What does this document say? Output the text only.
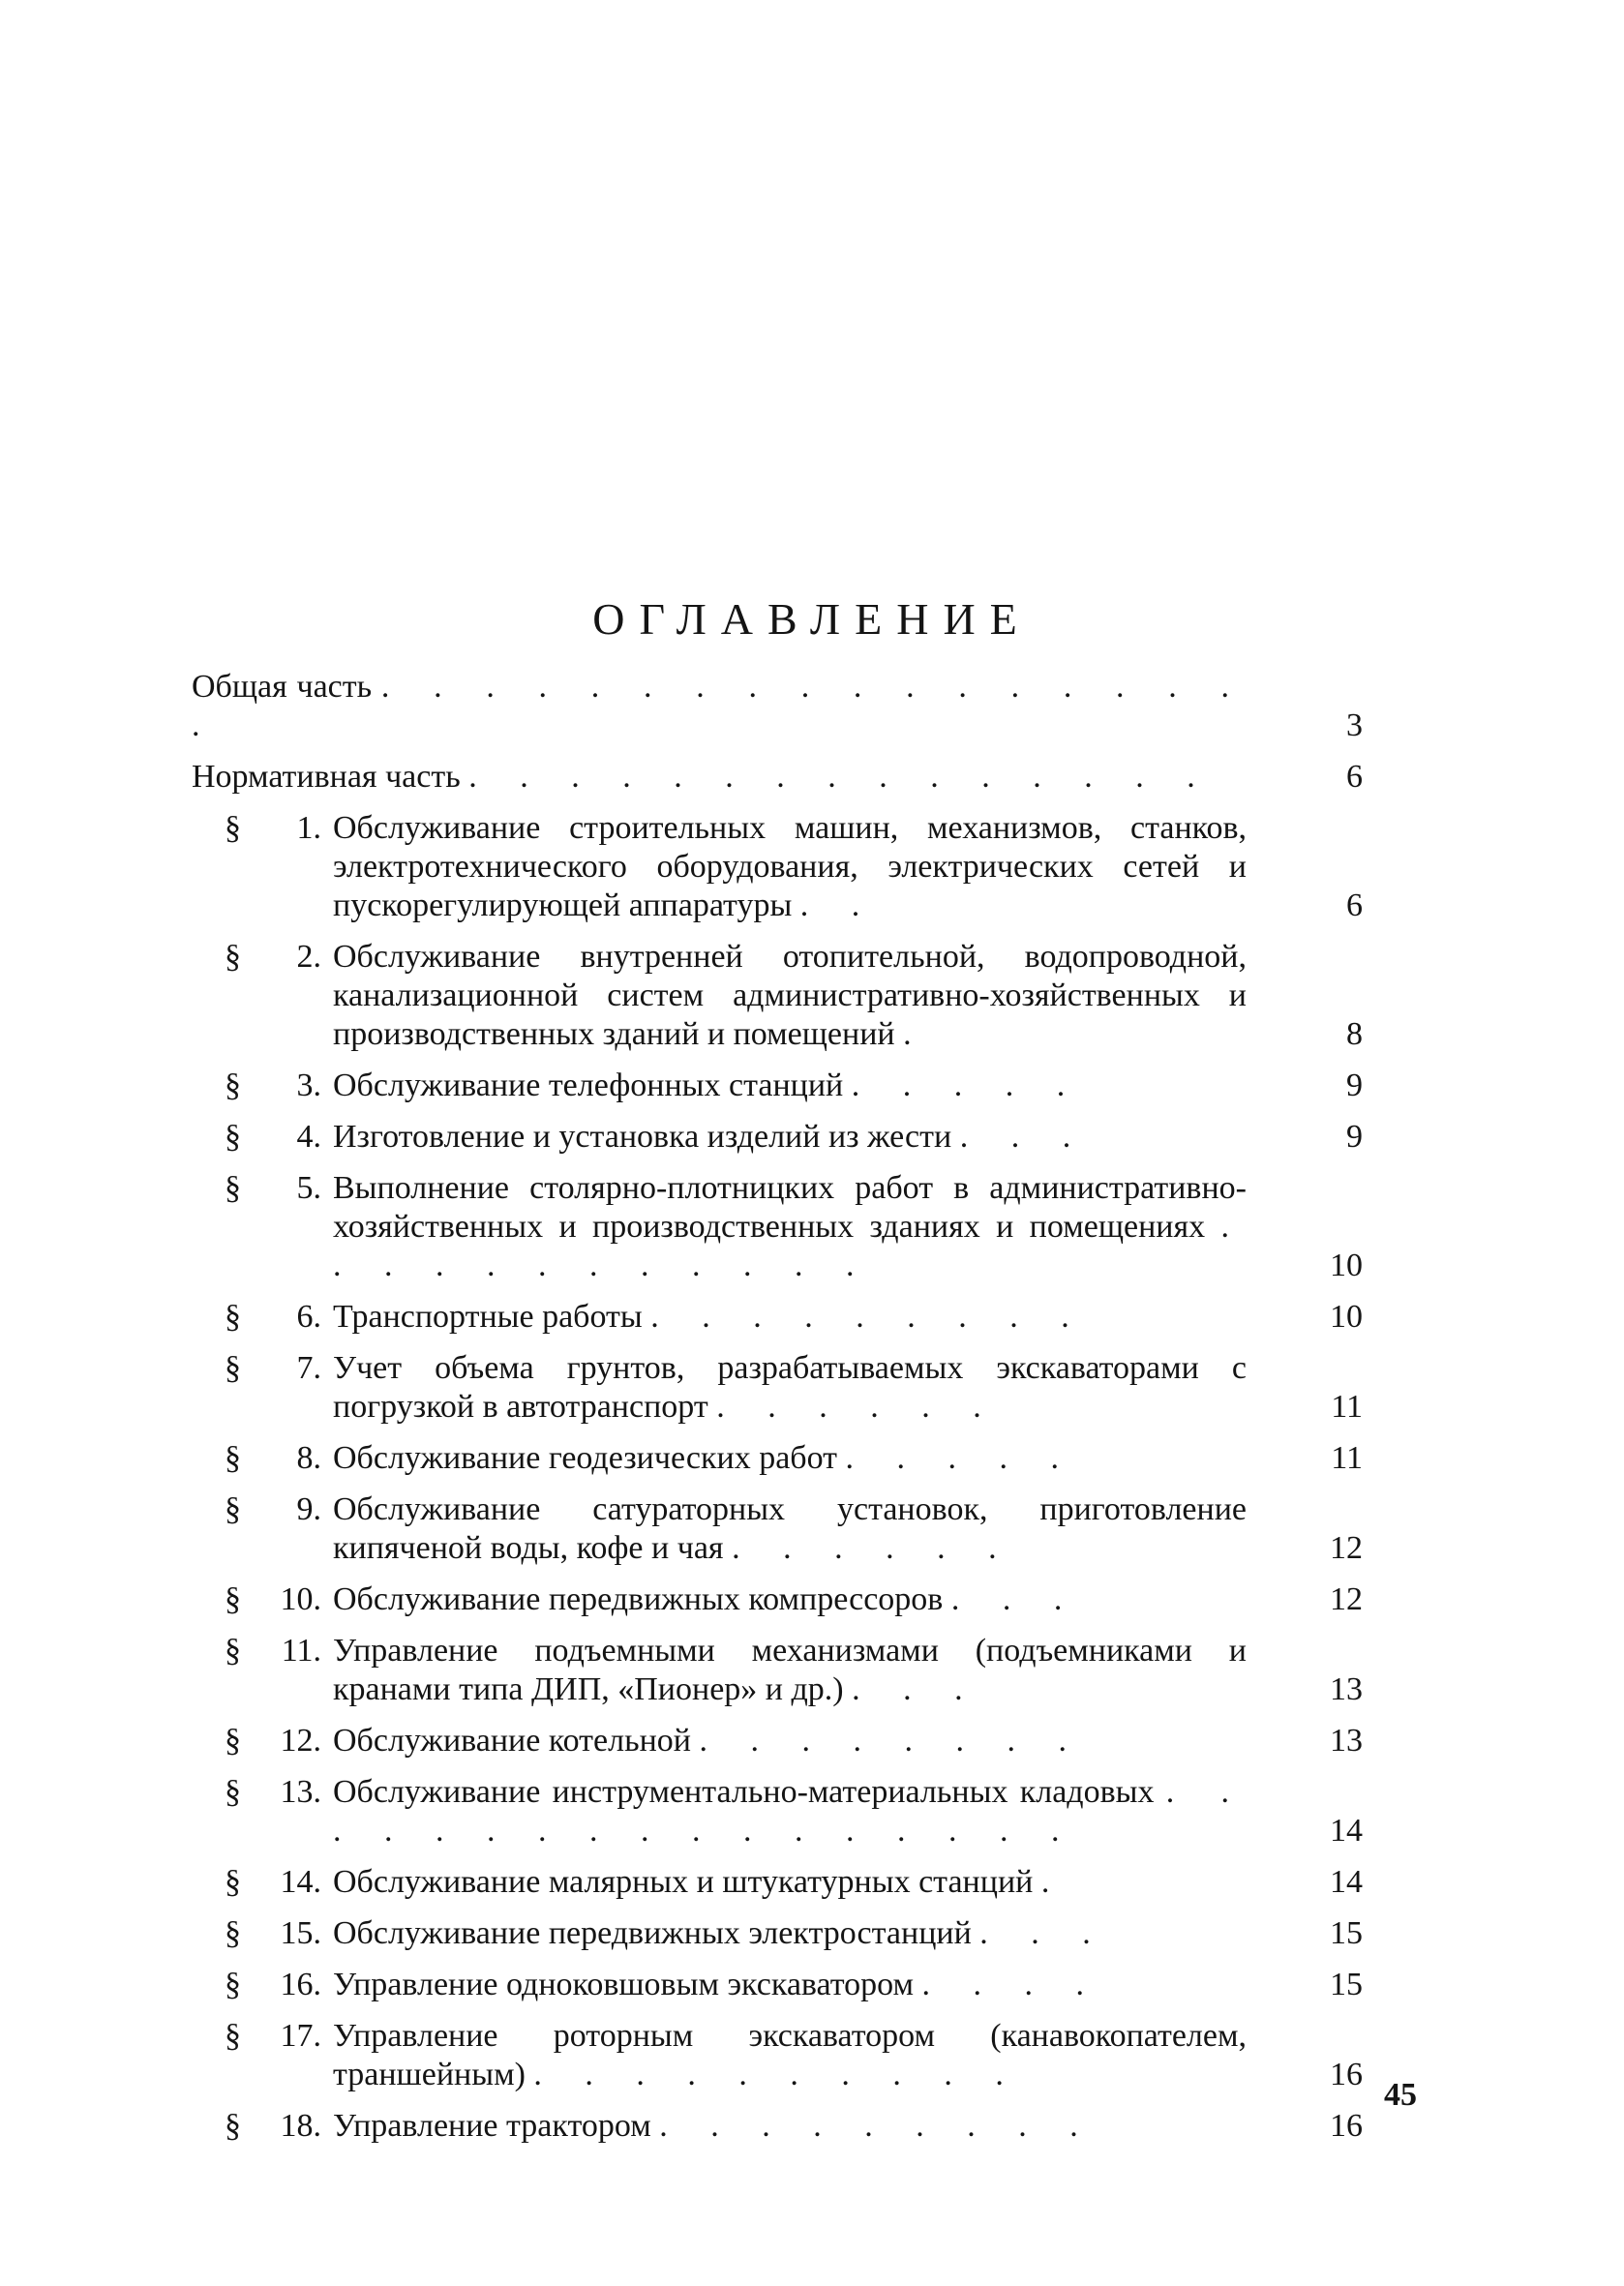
ОГЛАВЛЕНИЕ
Общая часть . . . . . . . . . . . . . . . . . .	3
Нормативная часть . . . . . . . . . . . . . . .	6
§	1. Обслуживание строительных машин, механизмов, станков, электротехнического оборудования, электрических сетей и пускорегулирующей аппаратуры . .	6
§	2. Обслуживание внутренней отопительной, водопроводной, канализационной систем административно-хозяйственных и производственных зданий и помещений .	8
§	3. Обслуживание телефонных станций . . . . .	9
§	4. Изготовление и установка изделий из жести . . .	9
§	5. Выполнение столярно-плотницких работ в административно-хозяйственных и производственных зданиях и помещениях . . . . . . . . . . . .	10
§	6. Транспортные работы . . . . . . . . .	10
§	7. Учет объема грунтов, разрабатываемых экскаваторами с погрузкой в автотранспорт . . . . . .	11
§	8. Обслуживание геодезических работ . . . . .	11
§	9. Обслуживание сатураторных установок, приготовление кипяченой воды, кофе и чая . . . . . .	12
§	10. Обслуживание передвижных компрессоров . . .	12
§	11. Управление подъемными механизмами (подъемниками и кранами типа ДИП, «Пионер» и др.) . . .	13
§	12. Обслуживание котельной . . . . . . . .	13
§	13. Обслуживание инструментально-материальных кладовых . . . . . . . . . . . . . . . . .	14
§	14. Обслуживание малярных и штукатурных станций .	14
§	15. Обслуживание передвижных электростанций . . .	15
§	16. Управление одноковшовым экскаватором . . . .	15
§	17. Управление роторным экскаватором (канавокопателем, траншейным) . . . . . . . . . .	16
§	18. Управление трактором . . . . . . . . .	16
45
